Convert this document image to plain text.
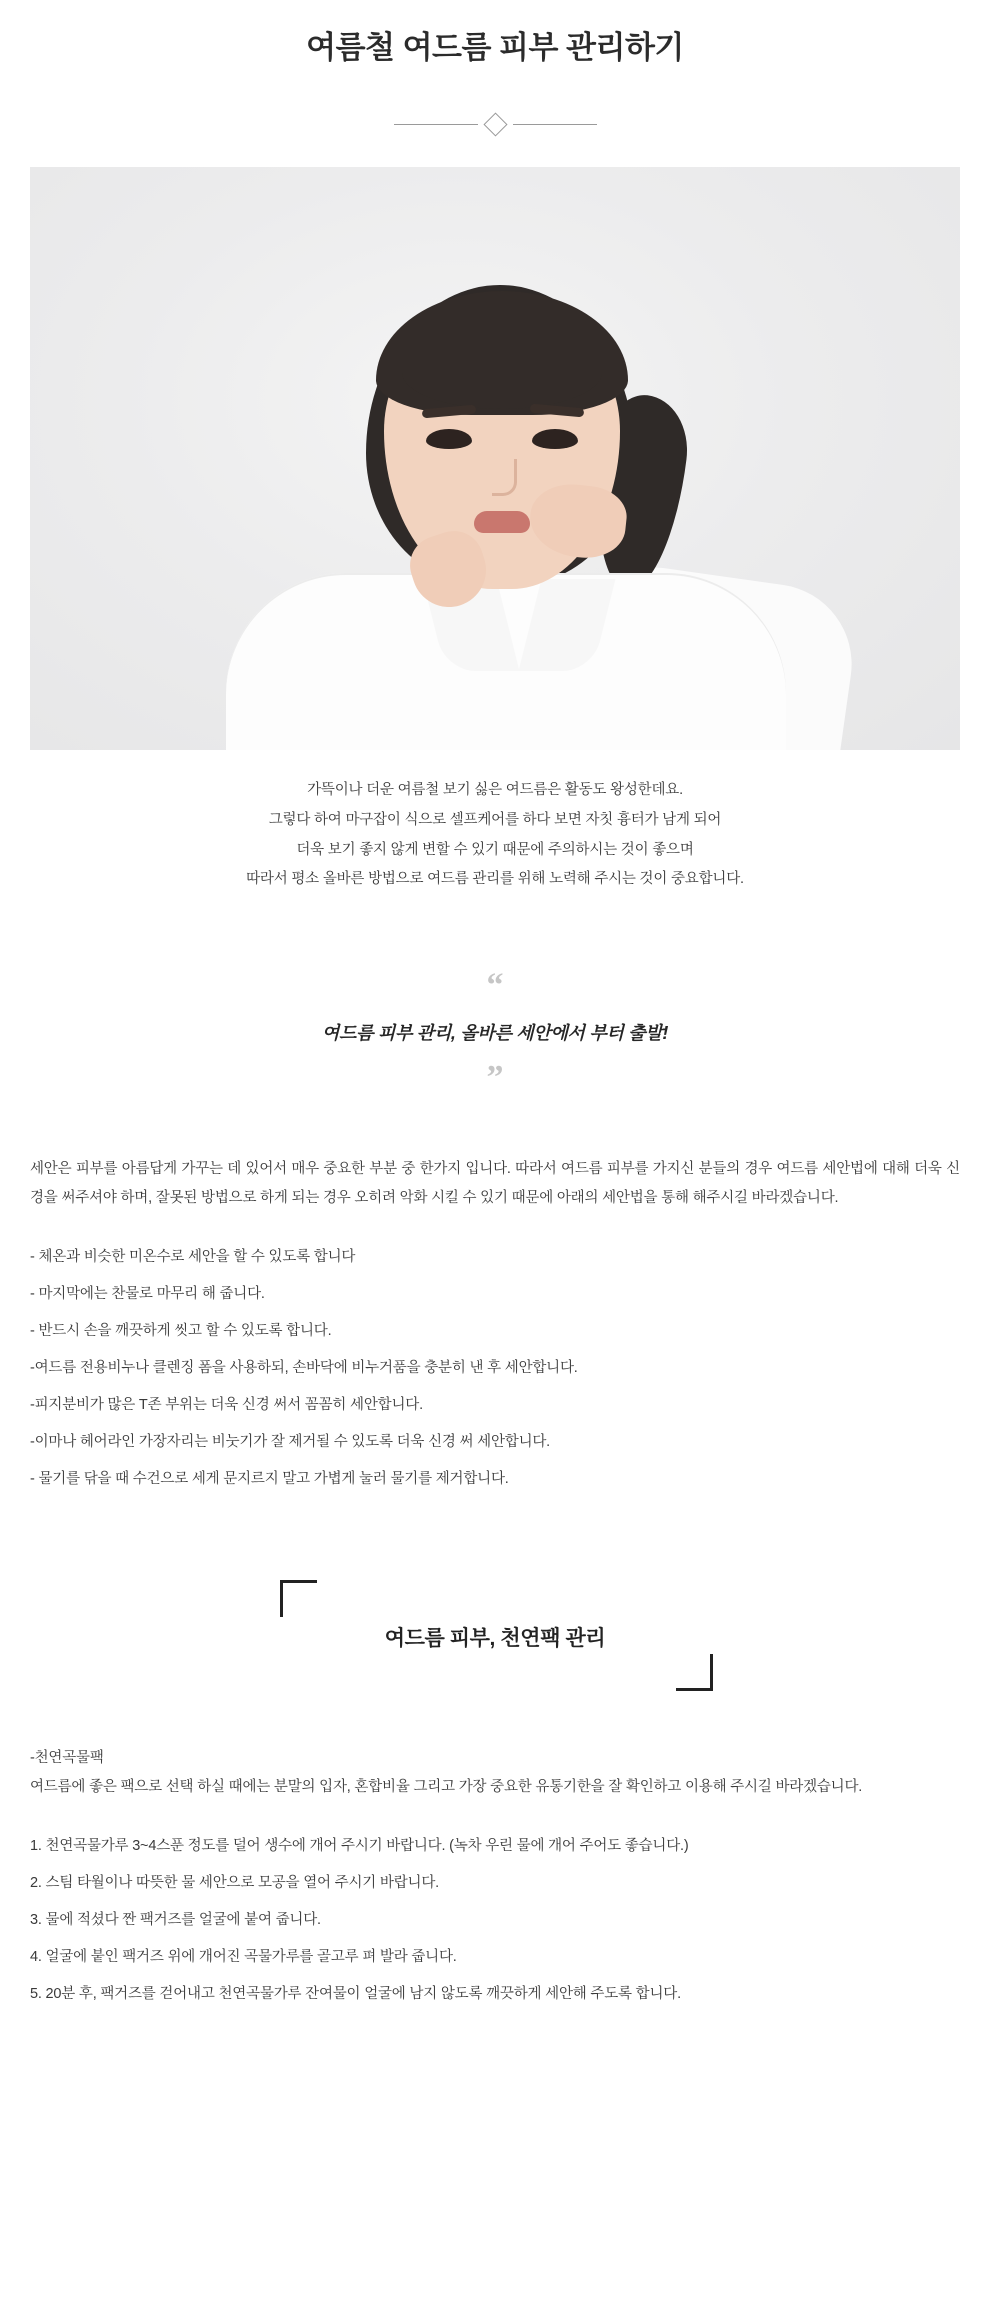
여름철 여드름 피부 관리하기
가뜩이나 더운 여름철 보기 싫은 여드름은 활동도 왕성한데요.
그렇다 하여 마구잡이 식으로 셀프케어를 하다 보면 자칫 흉터가 남게 되어
더욱 보기 좋지 않게 변할 수 있기 때문에 주의하시는 것이 좋으며
따라서 평소 올바른 방법으로 여드름 관리를 위해 노력해 주시는 것이 중요합니다.
“
여드름 피부 관리, 올바른 세안에서 부터 출발!
”

세안은 피부를 아름답게 가꾸는 데 있어서 매우 중요한 부분 중 한가지 입니다. 따라서 여드름 피부를 가지신 분들의 경우 여드름 세안법에 대해 더욱 신경을 써주셔야 하며, 잘못된 방법으로 하게 되는 경우 오히려 악화 시킬 수 있기 때문에 아래의 세안법을 통해 해주시길 바라겠습니다.

- 체온과 비슷한 미온수로 세안을 할 수 있도록 합니다
- 마지막에는 찬물로 마무리 해 줍니다.
- 반드시 손을 깨끗하게 씻고 할 수 있도록 합니다.
-여드름 전용비누나 클렌징 폼을 사용하되, 손바닥에 비누거품을 충분히 낸 후 세안합니다.
-피지분비가 많은 T존 부위는 더욱 신경 써서 꼼꼼히 세안합니다.
-이마나 헤어라인 가장자리는 비눗기가 잘 제거될 수 있도록 더욱 신경 써 세안합니다.
- 물기를 닦을 때 수건으로 세게 문지르지 말고 가볍게 눌러 물기를 제거합니다.
여드름 피부, 천연팩 관리

-천연곡물팩

여드름에 좋은 팩으로 선택 하실 때에는 분말의 입자, 혼합비율 그리고 가장 중요한 유통기한을 잘 확인하고 이용해 주시길 바라겠습니다.

1. 천연곡물가루 3~4스푼 정도를 덜어 생수에 개어 주시기 바랍니다. (녹차 우린 물에 개어 주어도 좋습니다.)
2. 스팀 타월이나 따뜻한 물 세안으로 모공을 열어 주시기 바랍니다.
3. 물에 적셨다 짠 팩거즈를 얼굴에 붙여 줍니다.
4. 얼굴에 붙인 팩거즈 위에 개어진 곡물가루를 골고루 펴 발라 줍니다.
5. 20분 후, 팩거즈를 걷어내고 천연곡물가루 잔여물이 얼굴에 남지 않도록 깨끗하게 세안해 주도록 합니다.
